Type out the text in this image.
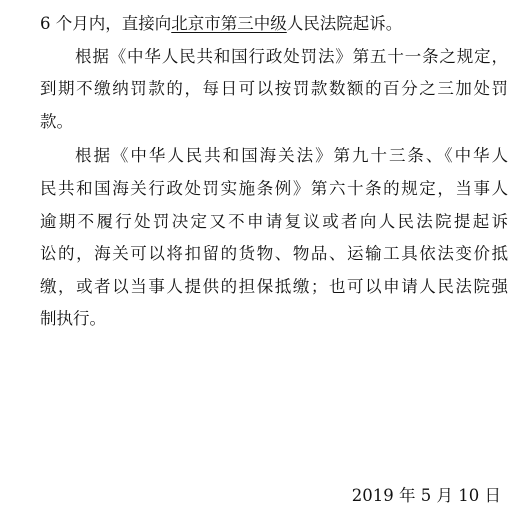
6 个月内，直接向北京市第三中级人民法院起诉。
根据《中华人民共和国行政处罚法》第五十一条之规定，
到期不缴纳罚款的，每日可以按罚款数额的百分之三加处罚
款。
根据《中华人民共和国海关法》第九十三条、《中华人
民共和国海关行政处罚实施条例》第六十条的规定，当事人
逾期不履行处罚决定又不申请复议或者向人民法院提起诉
讼的，海关可以将扣留的货物、物品、运输工具依法变价抵
缴，或者以当事人提供的担保抵缴；也可以申请人民法院强
制执行。
2019 年 5 月 10 日
